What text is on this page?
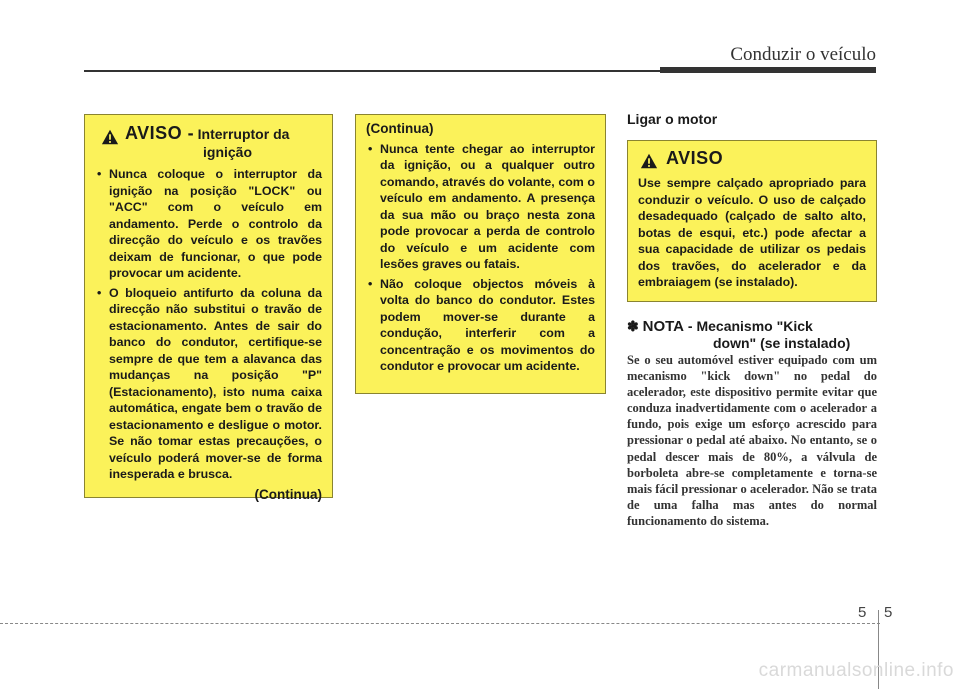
Conduzir o veículo
AVISO - Interruptor da
ignição
• Nunca coloque o interruptor da ignição na posição "LOCK" ou "ACC" com o veículo em andamento. Perde o controlo da direcção do veículo e os travões deixam de funcionar, o que pode provocar um acidente.
• O bloqueio antifurto da coluna da direcção não substitui o travão de estacionamento. Antes de sair do banco do condutor, certifique-se sempre de que tem a alavanca das mudanças na posição "P" (Estacionamento), isto numa caixa automática, engate bem o travão de estacionamento e desligue o motor. Se não tomar estas precauções, o veículo poderá mover-se de forma inesperada e brusca.
(Continua)
(Continua)
• Nunca tente chegar ao interruptor da ignição, ou a qualquer outro comando, através do volante, com o veículo em andamento. A presença da sua mão ou braço nesta zona pode provocar a perda de controlo do veículo e um acidente com lesões graves ou fatais.
• Não coloque objectos móveis à volta do banco do condutor. Estes podem mover-se durante a condução, interferir com a concentração e os movimentos do condutor e provocar um acidente.
Ligar o motor
AVISO

Use sempre calçado apropriado para conduzir o veículo. O uso de calçado desadequado (calçado de salto alto, botas de esqui, etc.) pode afectar a sua capacidade de utilizar os pedais dos travões, do acelerador e da embraiagem (se instalado).

✽ NOTA - Mecanismo "Kick
down" (se instalado)
Se o seu automóvel estiver equipado com um mecanismo "kick down" no pedal do acelerador, este dispositivo permite evitar que conduza inadvertidamente com o acelerador a fundo, pois exige um esforço acrescido para pressionar o pedal até abaixo. No entanto, se o pedal descer mais de 80%, a válvula de borboleta abre-se completamente e torna-se mais fácil pressionar o acelerador. Não se trata de uma falha mas antes do normal funcionamento do sistema.
5 5
carmanualsonline.info
